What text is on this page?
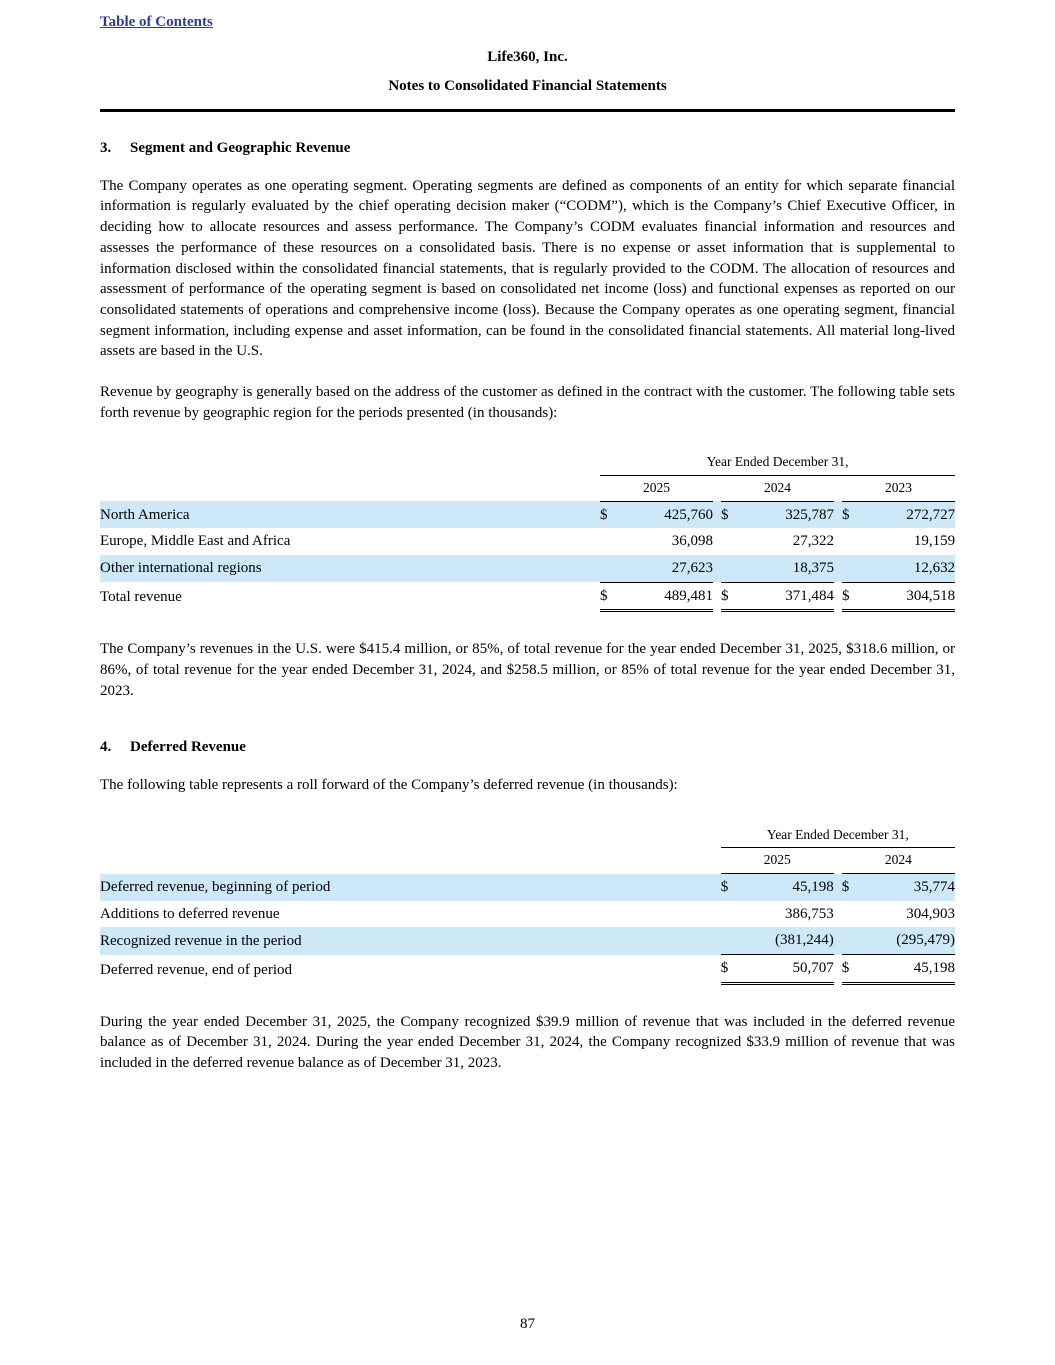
Table of Contents
Life360, Inc.
Notes to Consolidated Financial Statements
3. Segment and Geographic Revenue

The Company operates as one operating segment. Operating segments are defined as components of an entity for which separate financial information is regularly evaluated by the chief operating decision maker (“CODM”), which is the Company’s Chief Executive Officer, in deciding how to allocate resources and assess performance. The Company’s CODM evaluates financial information and resources and assesses the performance of these resources on a consolidated basis. There is no expense or asset information that is supplemental to information disclosed within the consolidated financial statements, that is regularly provided to the CODM. The allocation of resources and assessment of performance of the operating segment is based on consolidated net income (loss) and functional expenses as reported on our consolidated statements of operations and comprehensive income (loss). Because the Company operates as one operating segment, financial segment information, including expense and asset information, can be found in the consolidated financial statements. All material long-lived assets are based in the U.S.

Revenue by geography is generally based on the address of the customer as defined in the contract with the customer. The following table sets forth revenue by geographic region for the periods presented (in thousands):

	Year Ended December 31,							
	2025			2024			2023	
North America	$	425,760		$	325,787		$	272,727
Europe, Middle East and Africa		36,098			27,322			19,159
Other international regions		27,623			18,375			12,632
Total revenue	$	489,481		$	371,484		$	304,518

The Company’s revenues in the U.S. were $415.4 million, or 85%, of total revenue for the year ended December 31, 2025, $318.6 million, or 86%, of total revenue for the year ended December 31, 2024, and $258.5 million, or 85% of total revenue for the year ended December 31, 2023.

4. Deferred Revenue

The following table represents a roll forward of the Company’s deferred revenue (in thousands):

	Year Ended December 31,				
	2025			2024	
Deferred revenue, beginning of period	$	45,198		$	35,774
Additions to deferred revenue		386,753			304,903
Recognized revenue in the period		(381,244)			(295,479)
Deferred revenue, end of period	$	50,707		$	45,198

During the year ended December 31, 2025, the Company recognized $39.9 million of revenue that was included in the deferred revenue balance as of December 31, 2024. During the year ended December 31, 2024, the Company recognized $33.9 million of revenue that was included in the deferred revenue balance as of December 31, 2023.

87
